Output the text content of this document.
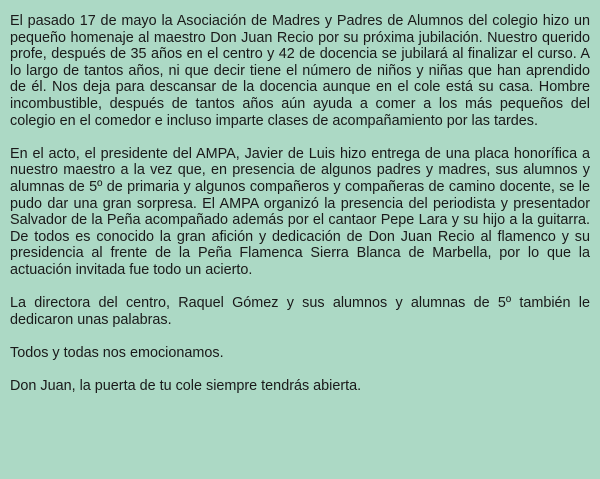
El pasado 17 de mayo la Asociación de Madres y Padres de Alumnos del colegio hizo un pequeño homenaje al maestro Don Juan Recio por su próxima jubilación. Nuestro querido profe, después de 35 años en el centro y 42 de docencia se jubilará al finalizar el curso. A lo largo de tantos años, ni que decir tiene el número de niños y niñas que han aprendido de él. Nos deja para descansar de la docencia aunque en el cole está su casa. Hombre incombustible, después de tantos años aún ayuda a comer a los más pequeños del colegio en el comedor e incluso imparte clases de acompañamiento por las tardes.

En el acto, el presidente del AMPA, Javier de Luis hizo entrega de una placa honorífica a nuestro maestro a la vez que, en presencia de algunos padres y madres, sus alumnos y alumnas de 5º de primaria y algunos compañeros y compañeras de camino docente, se le pudo dar una gran sorpresa. El AMPA organizó la presencia del periodista y presentador Salvador de la Peña acompañado además por el cantaor Pepe Lara y su hijo a la guitarra. De todos es conocido la gran afición y dedicación de Don Juan Recio al flamenco y su presidencia al frente de la Peña Flamenca Sierra Blanca de Marbella, por lo que la actuación invitada fue todo un acierto.

La directora del centro, Raquel Gómez y sus alumnos y alumnas de 5º también le dedicaron unas palabras.

Todos y todas nos emocionamos.

Don Juan, la puerta de tu cole siempre tendrás abierta.
